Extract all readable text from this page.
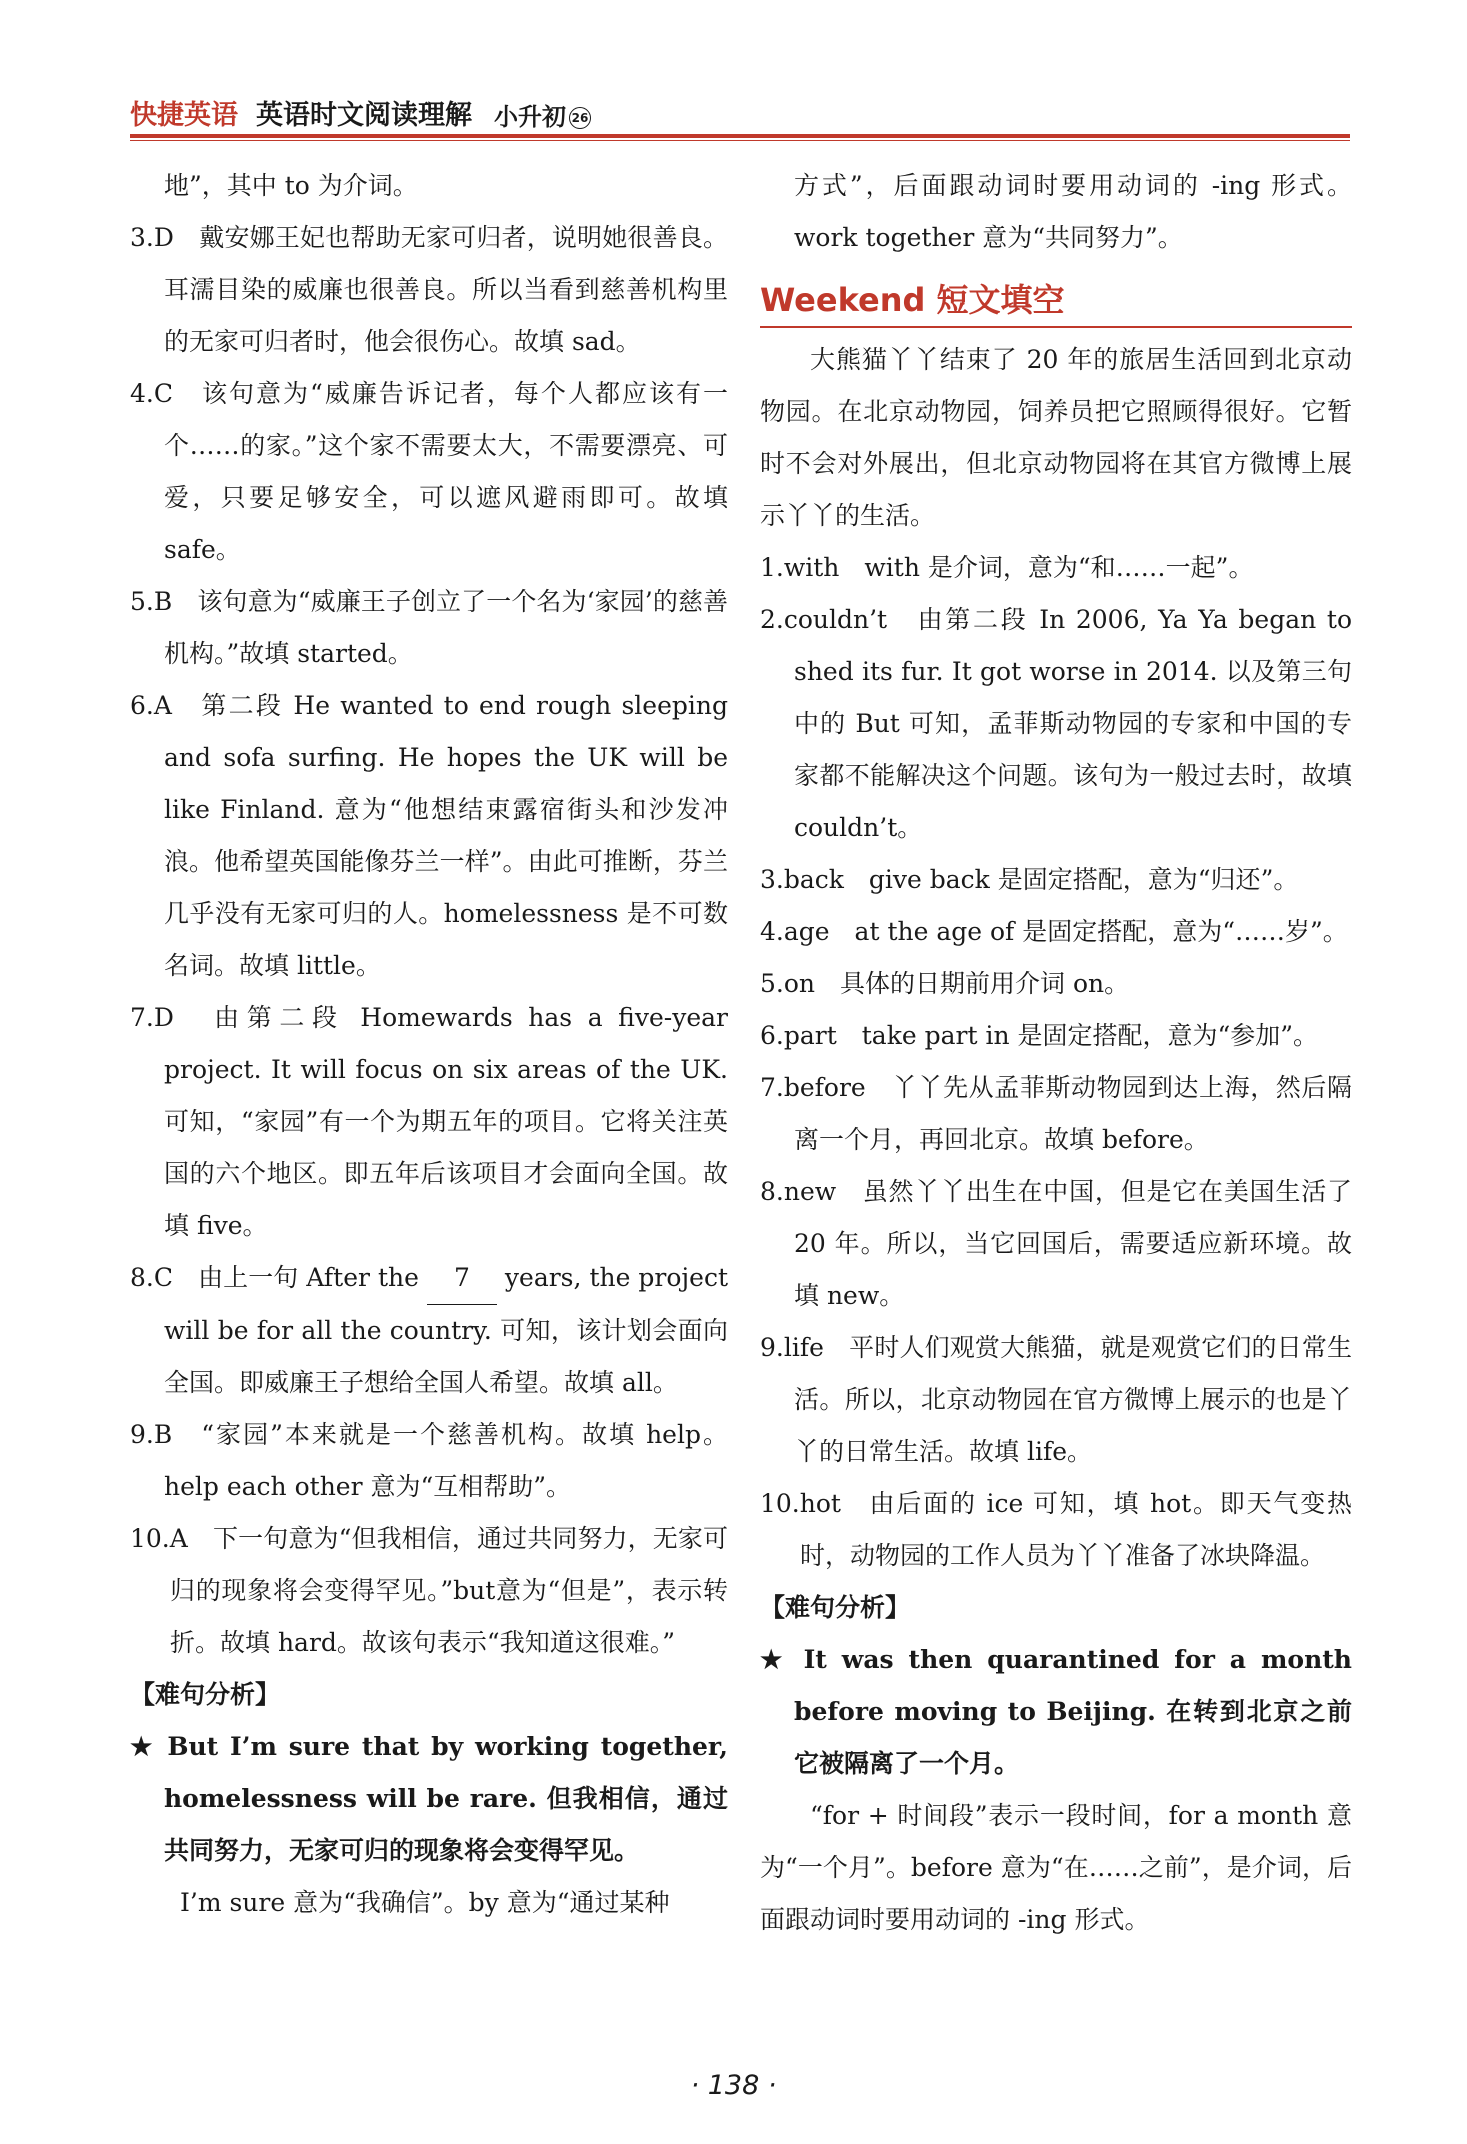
快捷英语 英语时文阅读理解 小升初 26

地”，其中 to 为介词。

3.D　戴安娜王妃也帮助无家可归者，说明她很善良。耳濡目染的威廉也很善良。所以当看到慈善机构里的无家可归者时，他会很伤心。故填 sad。

4.C　该句意为“威廉告诉记者，每个人都应该有一个……的家。”这个家不需要太大，不需要漂亮、可爱，只要足够安全，可以遮风避雨即可。故填 safe。

5.B　该句意为“威廉王子创立了一个名为‘家园’的慈善机构。”故填 started。

6.A　第二段 He wanted to end rough sleeping and sofa surfing. He hopes the UK will be like Finland. 意为“他想结束露宿街头和沙发冲浪。他希望英国能像芬兰一样”。由此可推断，芬兰几乎没有无家可归的人。homelessness 是不可数名词。故填 little。

7.D　由第二段 Homewards has a five-year project. It will focus on six areas of the UK. 可知，“家园”有一个为期五年的项目。它将关注英国的六个地区。即五年后该项目才会面向全国。故填 five。

8.C　由上一句 After the 7 years, the project will be for all the country. 可知，该计划会面向全国。即威廉王子想给全国人希望。故填 all。

9.B　“家园”本来就是一个慈善机构。故填 help。help each other 意为“互相帮助”。

10.A　下一句意为“但我相信，通过共同努力，无家可归的现象将会变得罕见。”but意为“但是”，表示转折。故填 hard。故该句表示“我知道这很难。”

【难句分析】

★ But I’m sure that by working together, homelessness will be rare. 但我相信，通过共同努力，无家可归的现象将会变得罕见。

I’m sure 意为“我确信”。by 意为“通过某种

方式”，后面跟动词时要用动词的 -ing 形式。work together 意为“共同努力”。

Weekend 短文填空

大熊猫丫丫结束了 20 年的旅居生活回到北京动物园。在北京动物园，饲养员把它照顾得很好。它暂时不会对外展出，但北京动物园将在其官方微博上展示丫丫的生活。

1.with　with 是介词，意为“和……一起”。

2.couldn’t　由第二段 In 2006, Ya Ya began to shed its fur. It got worse in 2014. 以及第三句中的 But 可知，孟菲斯动物园的专家和中国的专家都不能解决这个问题。该句为一般过去时，故填 couldn’t。

3.back　give back 是固定搭配，意为“归还”。

4.age　at the age of 是固定搭配，意为“……岁”。

5.on　具体的日期前用介词 on。

6.part　take part in 是固定搭配，意为“参加”。

7.before　丫丫先从孟菲斯动物园到达上海，然后隔离一个月，再回北京。故填 before。

8.new　虽然丫丫出生在中国，但是它在美国生活了 20 年。所以，当它回国后，需要适应新环境。故填 new。

9.life　平时人们观赏大熊猫，就是观赏它们的日常生活。所以，北京动物园在官方微博上展示的也是丫丫的日常生活。故填 life。

10.hot　由后面的 ice 可知，填 hot。即天气变热时，动物园的工作人员为丫丫准备了冰块降温。

【难句分析】

★ It was then quarantined for a month before moving to Beijing. 在转到北京之前它被隔离了一个月。

“for + 时间段”表示一段时间，for a month 意为“一个月”。before 意为“在……之前”，是介词，后面跟动词时要用动词的 -ing 形式。

· 138 ·
